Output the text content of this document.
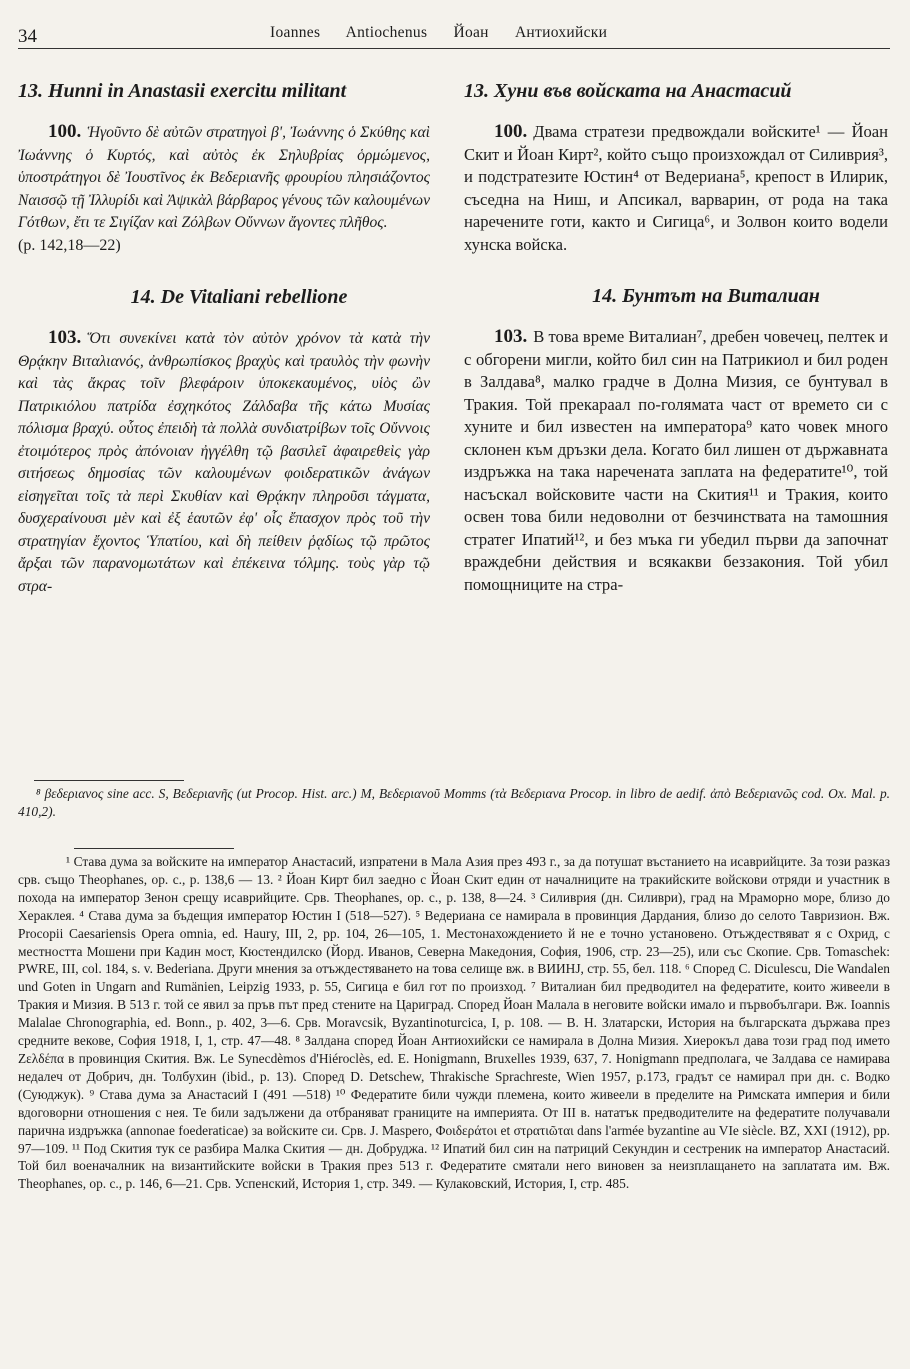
34	Ioannes Antiochenus Йоан Антиохийски
13. Hunni in Anastasii exercitu militant

100. Ἡγοῦντο δὲ αὐτῶν στρατηγοὶ β', Ἰωάννης ὁ Σκύθης καὶ Ἰωάννης ὁ Κυρτός, καὶ αὐτὸς ἐκ Σηλυβρίας ὁρμώμενος, ὑποστράτηγοι δὲ Ἰουστῖνος ἐκ Βεδεριανῆς φρουρίου πλησιάζοντος Ναισσῷ τῇ Ἰλλυρίδι καὶ Ἀψικὰλ βάρβαρος γένους τῶν καλουμένων Γότθων, ἔτι τε Σιγίζαν καὶ Ζόλβων Οὔννων ἄγοντες πλῆθος.
(p. 142,18—22)

14. De Vitaliani rebellione

103. Ὅτι συνεκίνει κατὰ τὸν αὐτὸν χρόνον τὰ κατὰ τὴν Θρᾴκην Βιταλιανός, ἀνθρωπίσκος βραχὺς καὶ τραυλὸς τὴν φωνὴν καὶ τὰς ἄκρας τοῖν βλεφάροιν ὑποκεκαυμένος, υἱὸς ὢν Πατρικιόλου πατρίδα ἐσχηκότος Ζάλδαβα τῆς κάτω Μυσίας πόλισμα βραχύ. οὗτος ἐπειδὴ τὰ πολλὰ συνδιατρίβων τοῖς Οὔννοις ἐτοιμότερος πρὸς ἀπόνοιαν ἠγγέλθη τῷ βασιλεῖ ἀφαιρεθεὶς γὰρ σιτήσεως δημοσίας τῶν καλουμένων φοιδερατικῶν ἀνάγων εἰσηγεῖται τοῖς τὰ περὶ Σκυθίαν καὶ Θρᾴκην πληροῦσι τάγματα, δυσχεραίνουσι μὲν καὶ ἐξ ἑαυτῶν ἐφ' οἷς ἔπασχον πρὸς τοῦ τὴν στρατηγίαν ἔχοντος Ὑπατίου, καὶ δὴ πείθειν ῥᾳδίως τῷ πρῶτος ἄρξαι τῶν παρανομωτάτων καὶ ἐπέκεινα τόλμης. τοὺς γὰρ τῷ στρα-

13. Хуни във войската на Анастасий

100. Двама стратези предвождали войските¹ — Йоан Скит и Йоан Кирт², който също произхождал от Силиврия³, и подстратезите Юстин⁴ от Ведериана⁵, крепост в Илирик, съседна на Ниш, и Апсикал, варварин, от рода на така наречените готи, както и Сигица⁶, и Золвон които водели хунска войска.

14. Бунтът на Виталиан

103. В това време Виталиан⁷, дребен човечец, пелтек и с обгорени мигли, който бил син на Патрикиол и бил роден в Залдава⁸, малко градче в Долна Мизия, се бунтувал в Тракия. Той прекараал по-голямата част от времето си с хуните и бил известен на императора⁹ като човек много склонен към дръзки дела. Когато бил лишен от държавната издръжка на така наречената заплата на федератите¹⁰, той насъскал войсковите части на Скития¹¹ и Тракия, които освен това били недоволни от безчинствата на тамошния стратег Ипатий¹², и без мъка ги убедил първи да започнат враждебни действия и всякакви беззакония. Той убил помощниците на стра-

⁸ βεδεριανος sine acc. S, Βεδεριανῆς (ut Procop. Hist. arc.) M, Βεδεριανοῦ Momms (τὰ Βεδεριανα Procop. in libro de aedif. ἀπὸ Βεδεριανῶς cod. Ox. Mal. p. 410,2).

¹ Става дума за войските на император Анастасий, изпратени в Мала Азия през 493 г., за да потушат въстанието на исаврийците. За този разказ срв. също Theophanes, op. c., p. 138,6 — 13. ² Йоан Кирт бил заедно с Йоан Скит един от началниците на тракийските войскови отряди и участник в похода на император Зенон срещу исаврийците. Срв. Theophanes, op. c., p. 138, 8—24. ³ Силиврия (дн. Силиври), град на Мраморно море, близо до Хераклея. ⁴ Става дума за бъдещия император Юстин I (518—527). ⁵ Ведериана се намирала в провинция Дардания, близо до селото Тавризион. Вж. Procopii Caesariensis Opera omnia, ed. Haury, III, 2, pp. 104, 26—105, 1. Местонахождението й не е точно установено. Отъждествяват я с Охрид, с местността Мошени при Кадин мост, Кюстендилско (Йорд. Иванов, Северна Македония, София, 1906, стр. 23—25), или със Скопие. Срв. Tomaschek: PWRE, III, col. 184, s. v. Bederiana. Други мнения за отъждестяването на това селище вж. в ВИИНЈ, стр. 55, бел. 118. ⁶ Според C. Diculescu, Die Wandalen und Goten in Ungarn and Rumänien, Leipzig 1933, p. 55, Сигица е бил гот по произход. ⁷ Виталиан бил предводител на федератите, които живеели в Тракия и Мизия. В 513 г. той се явил за пръв път пред стените на Цариград. Според Йоан Малала в неговите войски имало и първобългари. Вж. Ioannis Malalae Chronographia, ed. Bonn., p. 402, 3—6. Срв. Moravcsik, Byzantinoturcica, I, p. 108. — В. Н. Златарски, История на българската държава през средните векове, София 1918, I, 1, стр. 47—48. ⁸ Залдана според Йоан Антиохийски се намирала в Долна Мизия. Хиерокъл дава този град под името Ζελδέπα в провинция Скития. Вж. Le Synecdèmos d'Hiéroclès, ed. E. Honigmann, Bruxelles 1939, 637, 7. Honigmann предполага, че Залдава се намирава недалеч от Добрич, дн. Толбухин (ibid., p. 13). Според D. Detschew, Thrakische Sprachreste, Wien 1957, p.173, градът се намирал при дн. с. Водко (Суюджук). ⁹ Става дума за Анастасий I (491 —518) ¹⁰ Федератите били чужди племена, които живеели в пределите на Римската империя и били вдоговорни отношения с нея. Те били задължени да отбраняват границите на империята. От III в. нататък предводителите на федератите получавали парична издръжка (annonae foederaticae) за войските си. Срв. J. Maspero, Φοιδεράτοι et στρατιῶται dans l'armée byzantine au VIe siècle. BZ, XXI (1912), pp. 97—109. ¹¹ Под Скития тук се разбира Малка Скития — дн. Добруджа. ¹² Ипатий бил син на патриций Секундин и сестреник на император Анастасий. Той бил военачалник на византийските войски в Тракия през 513 г. Федератите смятали него виновен за неизплащането на заплатата им. Вж. Theophanes, op. c., p. 146, 6—21. Срв. Успенский, История 1, стр. 349. — Кулаковский, История, I, стр. 485.
